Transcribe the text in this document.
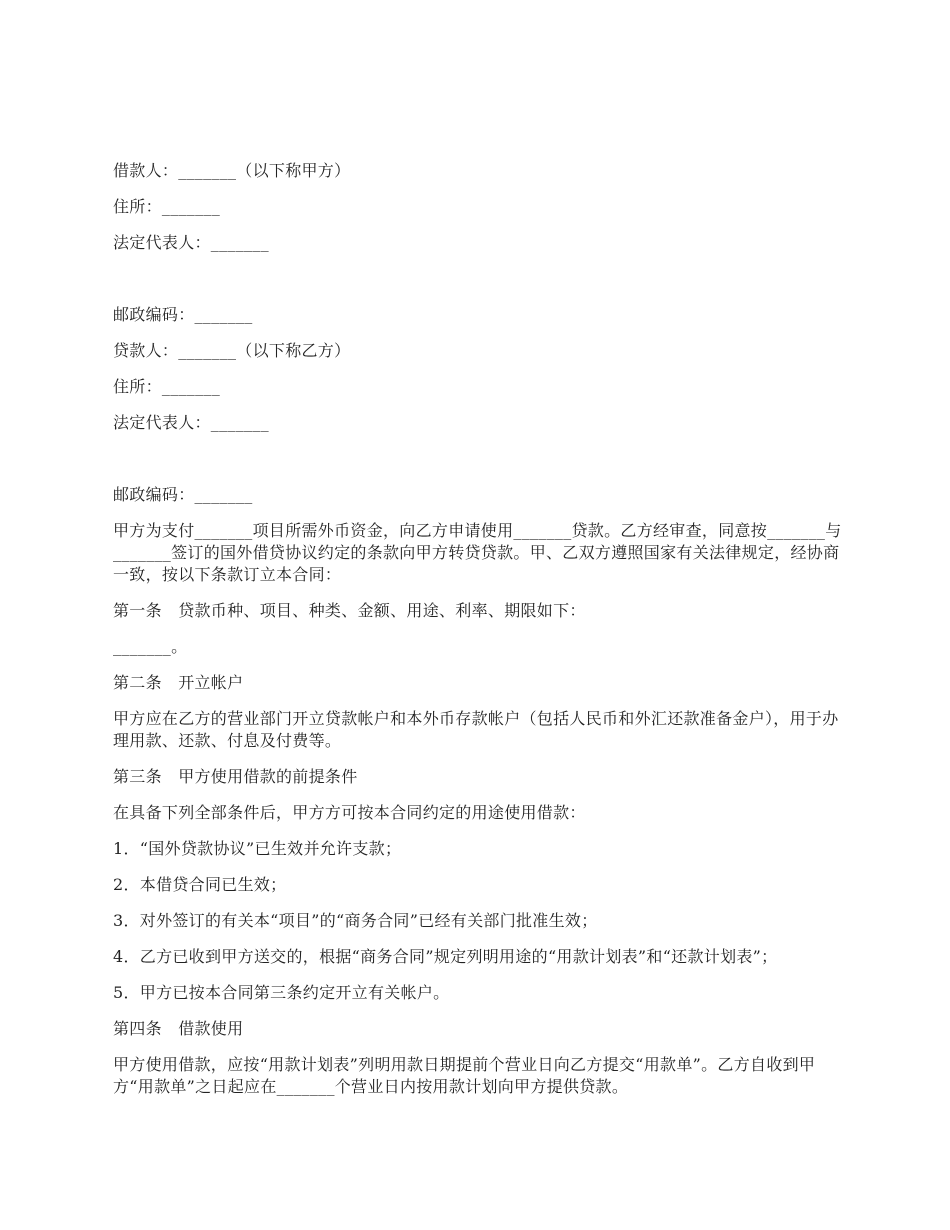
借款人：_______（以下称甲方）

住所：_______

法定代表人：_______

邮政编码：_______

贷款人：_______（以下称乙方）

住所：_______

法定代表人：_______

邮政编码：_______

甲方为支付_______项目所需外币资金，向乙方申请使用_______贷款。乙方经审查，同意按_______与_______签订的国外借贷协议约定的条款向甲方转贷贷款。甲、乙双方遵照国家有关法律规定，经协商一致，按以下条款订立本合同：

第一条　贷款币种、项目、种类、金额、用途、利率、期限如下：

_______。

第二条　开立帐户

甲方应在乙方的营业部门开立贷款帐户和本外币存款帐户（包括人民币和外汇还款准备金户），用于办理用款、还款、付息及付费等。

第三条　甲方使用借款的前提条件

在具备下列全部条件后，甲方方可按本合同约定的用途使用借款：

1．“国外贷款协议”已生效并允许支款；

2．本借贷合同已生效；

3．对外签订的有关本“项目”的“商务合同”已经有关部门批准生效；

4．乙方已收到甲方送交的，根据“商务合同”规定列明用途的“用款计划表”和“还款计划表”；

5．甲方已按本合同第三条约定开立有关帐户。

第四条　借款使用

甲方使用借款，应按“用款计划表”列明用款日期提前个营业日向乙方提交“用款单”。乙方自收到甲方“用款单”之日起应在_______个营业日内按用款计划向甲方提供贷款。
